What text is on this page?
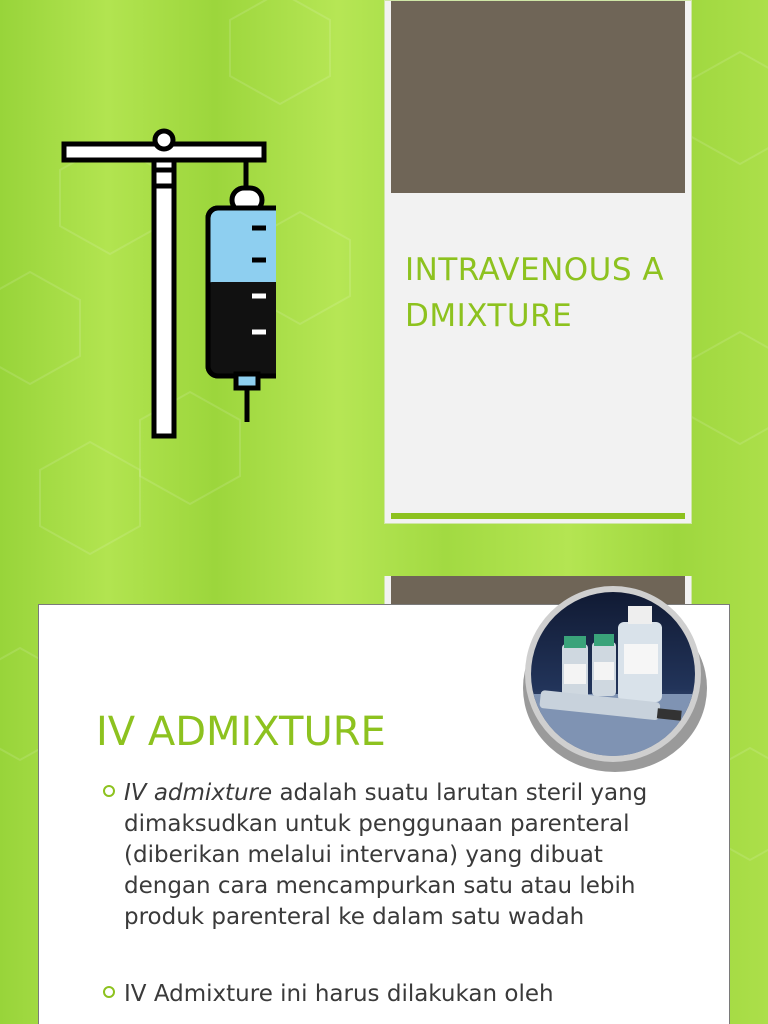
INTRAVENOUS ADMIXTURE
IV ADMIXTURE
IV admixture adalah suatu larutan steril yang dimaksudkan untuk penggunaan parenteral (diberikan melalui intervana) yang dibuat dengan cara mencampurkan satu atau lebih produk parenteral ke dalam satu wadah
IV Admixture ini harus dilakukan oleh
